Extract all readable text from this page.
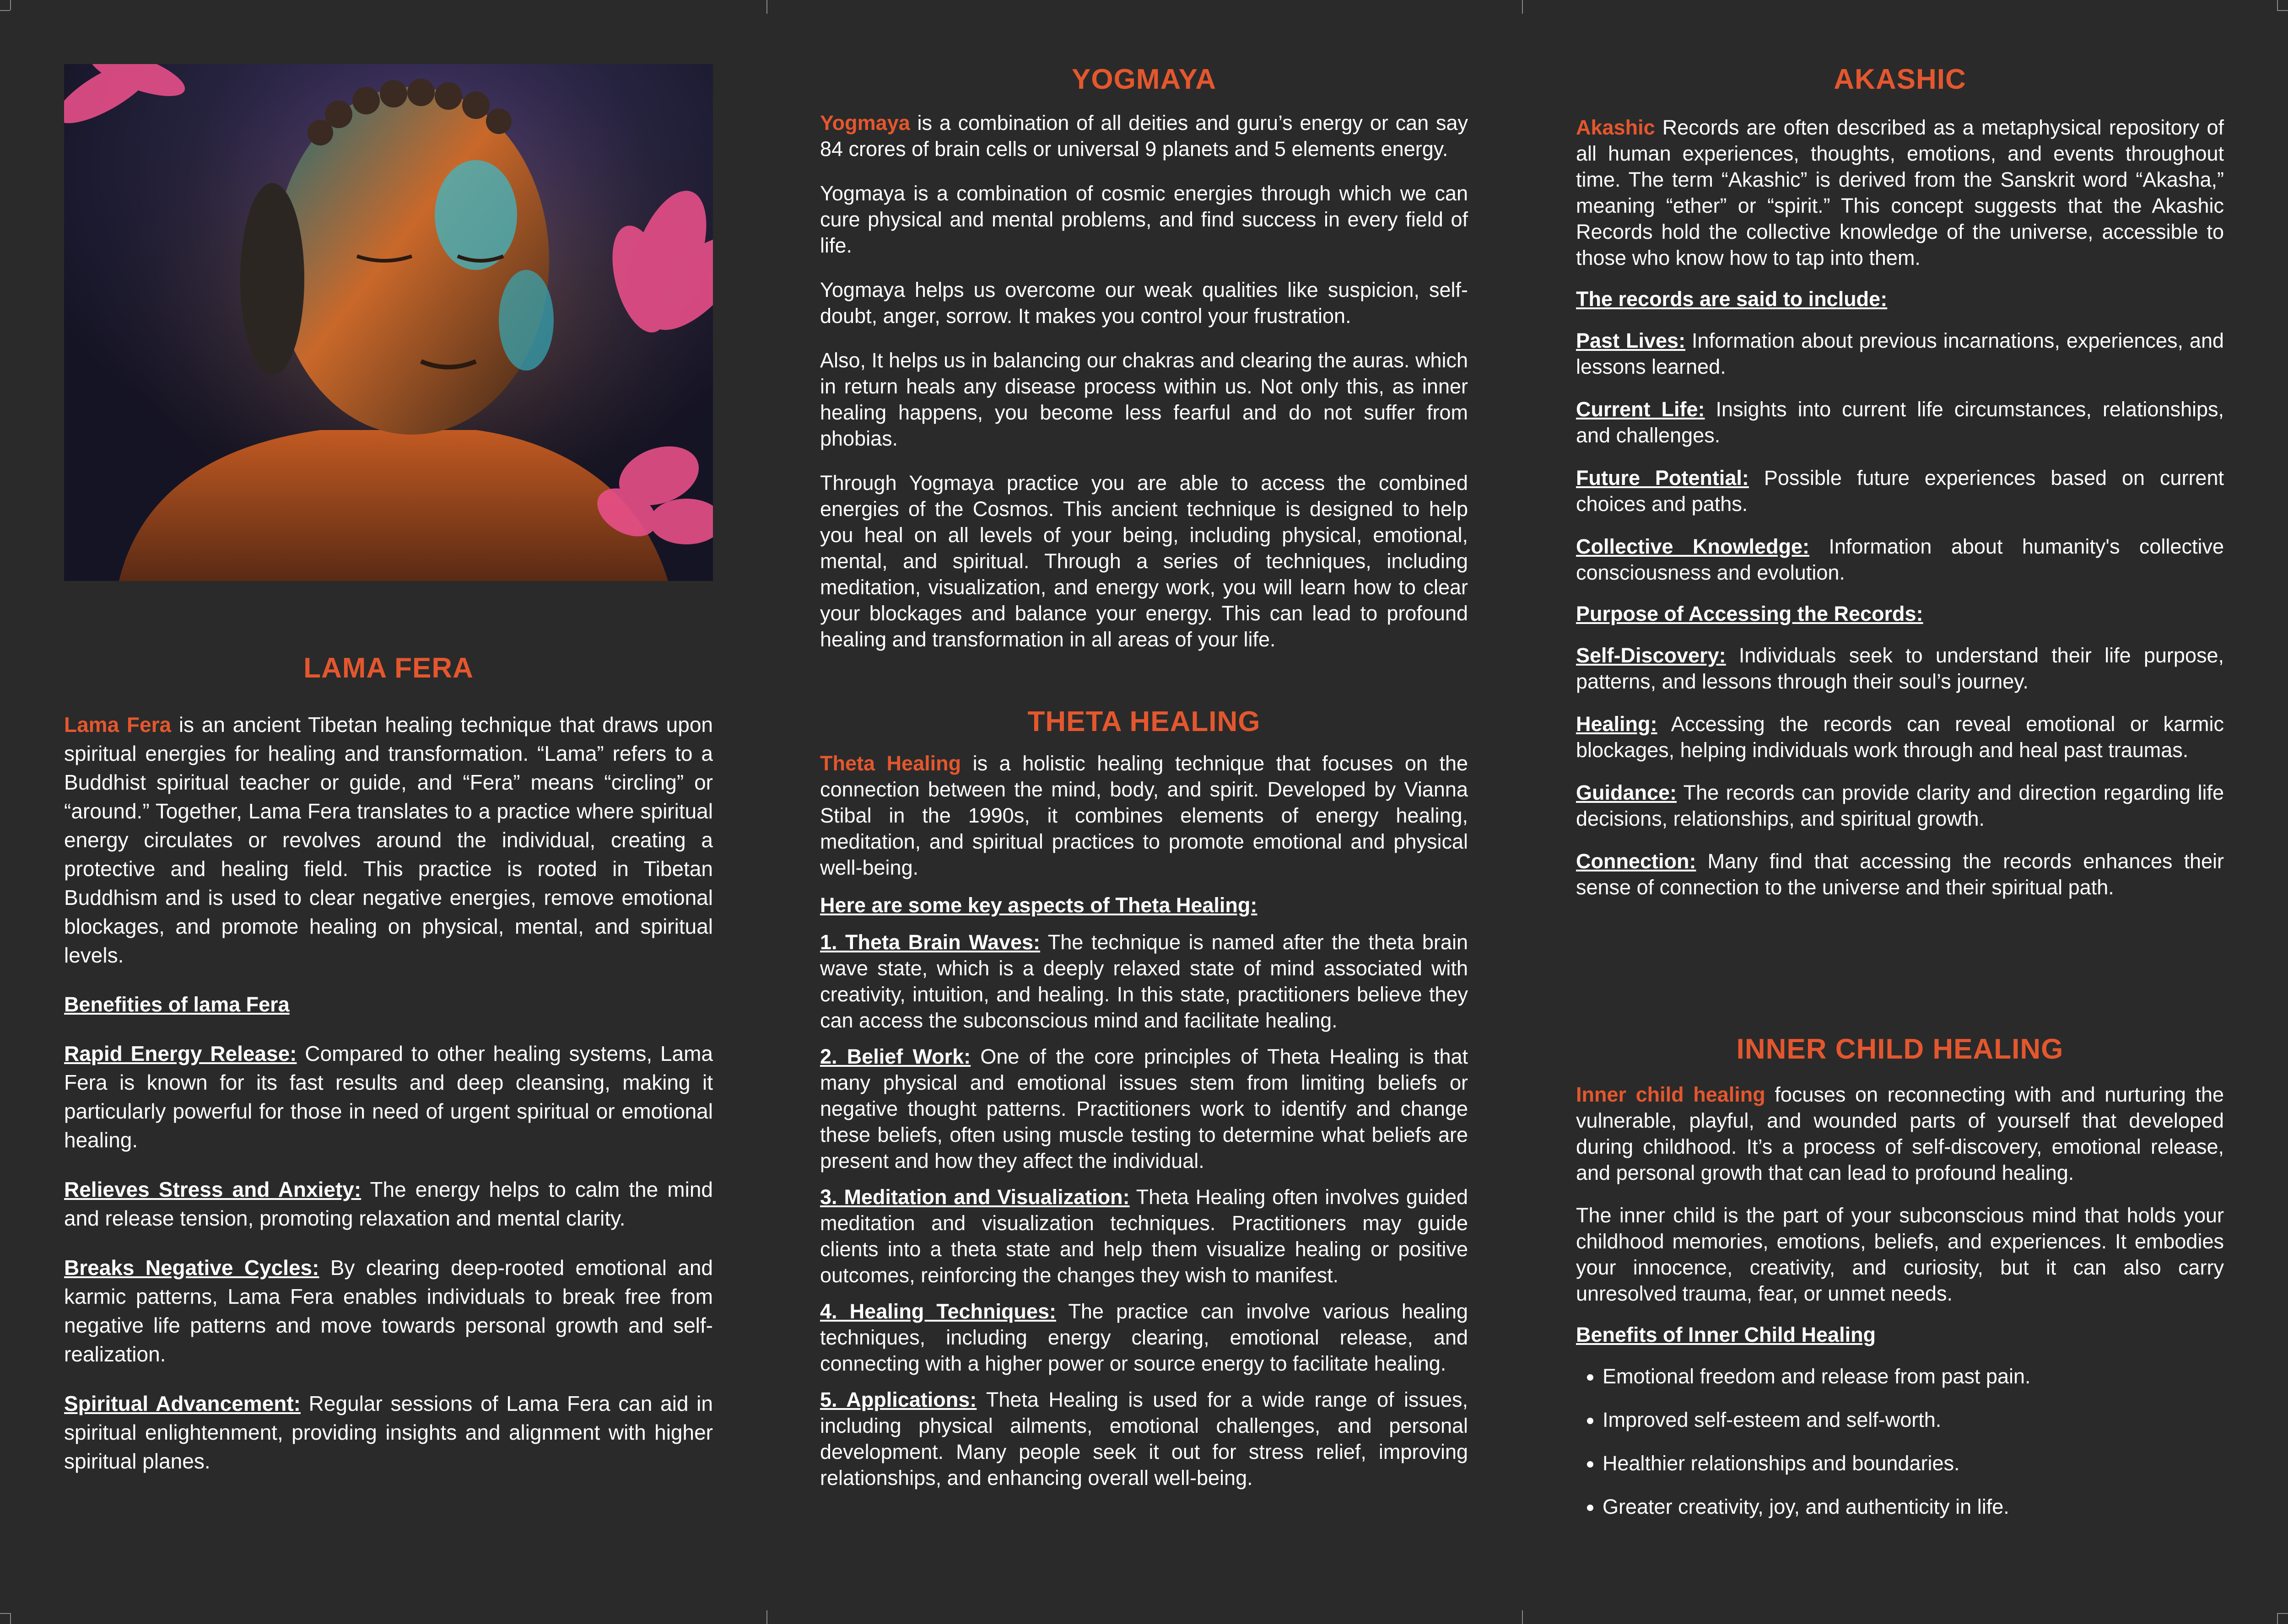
LAMA FERA

Lama Fera is an ancient Tibetan healing technique that draws upon spiritual energies for healing and transformation. “Lama” refers to a Buddhist spiritual teacher or guide, and “Fera” means “circling” or “around.” Together, Lama Fera translates to a practice where spiritual energy circulates or revolves around the individual, creating a protective and healing field. This practice is rooted in Tibetan Buddhism and is used to clear negative energies, remove emotional blockages, and promote healing on physical, mental, and spiritual levels.

Benefities of lama Fera

Rapid Energy Release: Compared to other healing systems, Lama Fera is known for its fast results and deep cleansing, making it particularly powerful for those in need of urgent spiritual or emotional healing.

Relieves Stress and Anxiety: The energy helps to calm the mind and release tension, promoting relaxation and mental clarity.

Breaks Negative Cycles: By clearing deep-rooted emotional and karmic patterns, Lama Fera enables individuals to break free from negative life patterns and move towards personal growth and self-realization.

Spiritual Advancement: Regular sessions of Lama Fera can aid in spiritual enlightenment, providing insights and alignment with higher spiritual planes.

YOGMAYA

Yogmaya is a combination of all deities and guru’s energy or can say 84 crores of brain cells or universal 9 planets and 5 elements energy.

Yogmaya is a combination of cosmic energies through which we can cure physical and mental problems, and find success in every field of life.

Yogmaya helps us overcome our weak qualities like suspicion, self-doubt, anger, sorrow. It makes you control your frustration.

Also, It helps us in balancing our chakras and clearing the auras. which in return heals any disease process within us. Not only this, as inner healing happens, you become less fearful and do not suffer from phobias.

Through Yogmaya practice you are able to access the combined energies of the Cosmos. This ancient technique is designed to help you heal on all levels of your being, including physical, emotional, mental, and spiritual. Through a series of techniques, including meditation, visualization, and energy work, you will learn how to clear your blockages and balance your energy. This can lead to profound healing and transformation in all areas of your life.

THETA HEALING

Theta Healing is a holistic healing technique that focuses on the connection between the mind, body, and spirit. Developed by Vianna Stibal in the 1990s, it combines elements of energy healing, meditation, and spiritual practices to promote emotional and physical well-being.

Here are some key aspects of Theta Healing:

1. Theta Brain Waves: The technique is named after the theta brain wave state, which is a deeply relaxed state of mind associated with creativity, intuition, and healing. In this state, practitioners believe they can access the subconscious mind and facilitate healing.

2. Belief Work: One of the core principles of Theta Healing is that many physical and emotional issues stem from limiting beliefs or negative thought patterns. Practitioners work to identify and change these beliefs, often using muscle testing to determine what beliefs are present and how they affect the individual.

3. Meditation and Visualization: Theta Healing often involves guided meditation and visualization techniques. Practitioners may guide clients into a theta state and help them visualize healing or positive outcomes, reinforcing the changes they wish to manifest.

4. Healing Techniques: The practice can involve various healing techniques, including energy clearing, emotional release, and connecting with a higher power or source energy to facilitate healing.

5. Applications: Theta Healing is used for a wide range of issues, including physical ailments, emotional challenges, and personal development. Many people seek it out for stress relief, improving relationships, and enhancing overall well-being.

AKASHIC

Akashic Records are often described as a metaphysical repository of all human experiences, thoughts, emotions, and events throughout time. The term “Akashic” is derived from the Sanskrit word “Akasha,” meaning “ether” or “spirit.” This concept suggests that the Akashic Records hold the collective knowledge of the universe, accessible to those who know how to tap into them.

The records are said to include:

Past Lives: Information about previous incarnations, experiences, and lessons learned.

Current Life: Insights into current life circumstances, relationships, and challenges.

Future Potential: Possible future experiences based on current choices and paths.

Collective Knowledge: Information about humanity's collective consciousness and evolution.

Purpose of Accessing the Records:

Self-Discovery: Individuals seek to understand their life purpose, patterns, and lessons through their soul’s journey.

Healing: Accessing the records can reveal emotional or karmic blockages, helping individuals work through and heal past traumas.

Guidance: The records can provide clarity and direction regarding life decisions, relationships, and spiritual growth.

Connection: Many find that accessing the records enhances their sense of connection to the universe and their spiritual path.

INNER CHILD HEALING

Inner child healing focuses on reconnecting with and nurturing the vulnerable, playful, and wounded parts of yourself that developed during childhood. It’s a process of self-discovery, emotional release, and personal growth that can lead to profound healing.

The inner child is the part of your subconscious mind that holds your childhood memories, emotions, beliefs, and experiences. It embodies your innocence, creativity, and curiosity, but it can also carry unresolved trauma, fear, or unmet needs.

Benefits of Inner Child Healing
• Emotional freedom and release from past pain.
• Improved self-esteem and self-worth.
• Healthier relationships and boundaries.
• Greater creativity, joy, and authenticity in life.
